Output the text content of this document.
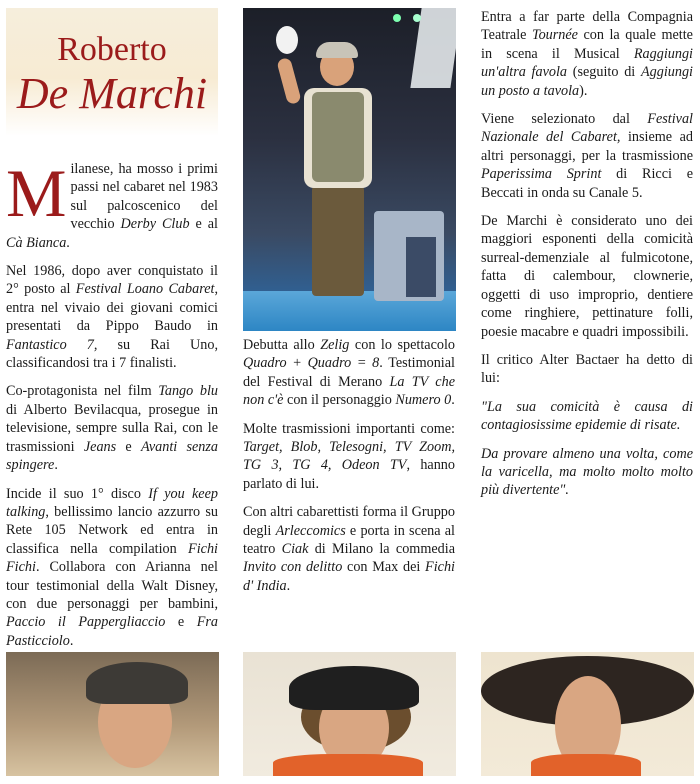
Roberto
De Marchi

Milanese, ha mosso i primi passi nel cabaret nel 1983 sul palcoscenico del vecchio Derby Club e al Cà Bianca.

Nel 1986, dopo aver conquistato il 2° posto al Festival Loano Cabaret, entra nel vivaio dei giovani comici presentati da Pippo Baudo in Fantastico 7, su Rai Uno, classificandosi tra i 7 finalisti.

Co-protagonista nel film Tango blu di Alberto Bevilacqua, prosegue in televisione, sempre sulla Rai, con le trasmissioni Jeans e Avanti senza spingere.

Incide il suo 1° disco If you keep talking, bellissimo lancio azzurro su Rete 105 Network ed entra in classifica nella compilation Fichi Fichi. Collabora con Arianna nel tour testimonial della Walt Disney, con due personaggi per bambini, Paccio il Pappergliaccio e Fra Pasticciolo.

Debutta allo Zelig con lo spettacolo Quadro + Quadro = 8. Testimonial del Festival di Merano La TV che non c'è con il personaggio Numero 0.

Molte trasmissioni importanti come: Target, Blob, Telesogni, TV Zoom, TG 3, TG 4, Odeon TV, hanno parlato di lui.

Con altri cabarettisti forma il Gruppo degli Arleccomics e porta in scena al teatro Ciak di Milano la commedia Invito con delitto con Max dei Fichi d' India.

Entra a far parte della Compagnia Teatrale Tournée con la quale mette in scena il Musical Raggiungi un'altra favola (seguito di Aggiungi un posto a tavola).

Viene selezionato dal Festival Nazionale del Cabaret, insieme ad altri personaggi, per la trasmissione Paperissima Sprint di Ricci e Beccati in onda su Canale 5.

De Marchi è considerato uno dei maggiori esponenti della comicità surreal-demenziale al fulmicotone, fatta di calembour, clownerie, oggetti di uso improprio, dentiere come ringhiere, pettinature folli, poesie macabre e quadri impossibili.

Il critico Alter Bactaer ha detto di lui:

"La sua comicità è causa di contagiosissime epidemie di risate.

Da provare almeno una volta, come la varicella, ma molto molto molto più divertente".
